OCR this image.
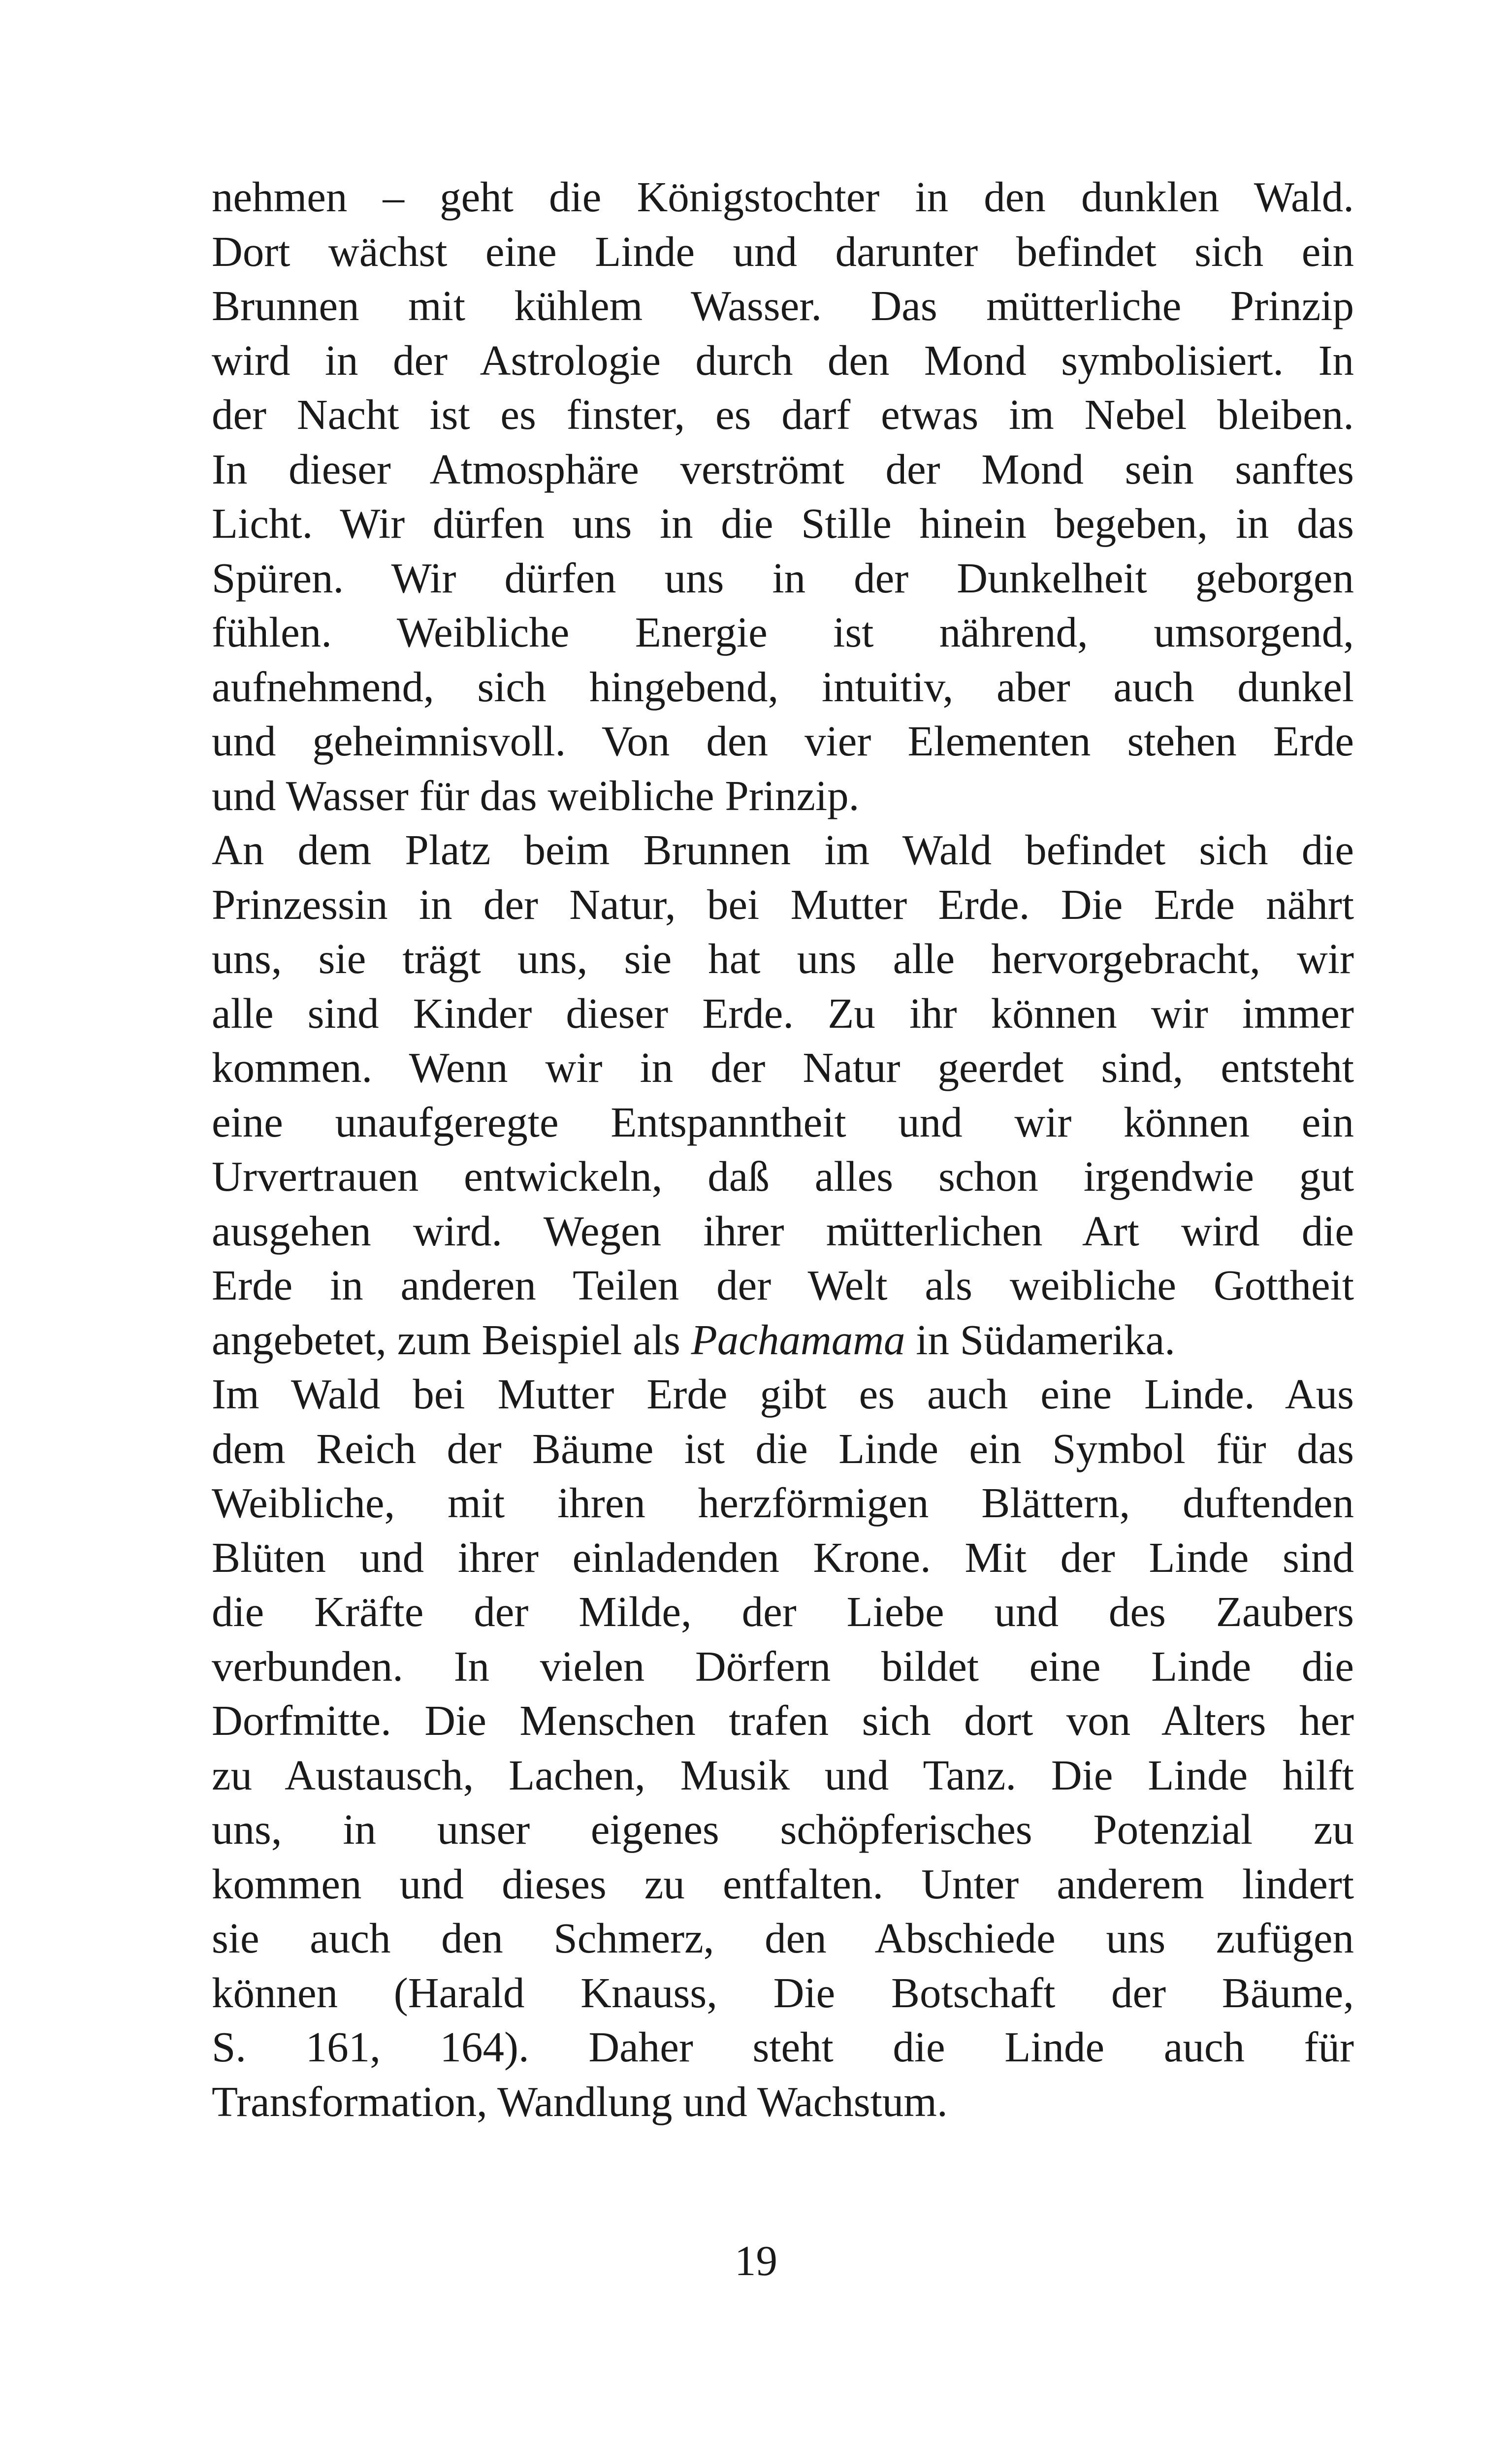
nehmen – geht die Königstochter in den dunklen Wald.
Dort wächst eine Linde und darunter befindet sich ein
Brunnen mit kühlem Wasser. Das mütterliche Prinzip
wird in der Astrologie durch den Mond symbolisiert. In
der Nacht ist es finster, es darf etwas im Nebel bleiben.
In dieser Atmosphäre verströmt der Mond sein sanftes
Licht. Wir dürfen uns in die Stille hinein begeben, in das
Spüren. Wir dürfen uns in der Dunkelheit geborgen
fühlen. Weibliche Energie ist nährend, umsorgend,
aufnehmend, sich hingebend, intuitiv, aber auch dunkel
und geheimnisvoll. Von den vier Elementen stehen Erde
und Wasser für das weibliche Prinzip.
An dem Platz beim Brunnen im Wald befindet sich die
Prinzessin in der Natur, bei Mutter Erde. Die Erde nährt
uns, sie trägt uns, sie hat uns alle hervorgebracht, wir
alle sind Kinder dieser Erde. Zu ihr können wir immer
kommen. Wenn wir in der Natur geerdet sind, entsteht
eine unaufgeregte Entspanntheit und wir können ein
Urvertrauen entwickeln, daß alles schon irgendwie gut
ausgehen wird. Wegen ihrer mütterlichen Art wird die
Erde in anderen Teilen der Welt als weibliche Gottheit
angebetet, zum Beispiel als Pachamama in Südamerika.
Im Wald bei Mutter Erde gibt es auch eine Linde. Aus
dem Reich der Bäume ist die Linde ein Symbol für das
Weibliche, mit ihren herzförmigen Blättern, duftenden
Blüten und ihrer einladenden Krone. Mit der Linde sind
die Kräfte der Milde, der Liebe und des Zaubers
verbunden. In vielen Dörfern bildet eine Linde die
Dorfmitte. Die Menschen trafen sich dort von Alters her
zu Austausch, Lachen, Musik und Tanz. Die Linde hilft
uns, in unser eigenes schöpferisches Potenzial zu
kommen und dieses zu entfalten. Unter anderem lindert
sie auch den Schmerz, den Abschiede uns zufügen
können (Harald Knauss, Die Botschaft der Bäume,
S. 161, 164). Daher steht die Linde auch für
Transformation, Wandlung und Wachstum.
19
